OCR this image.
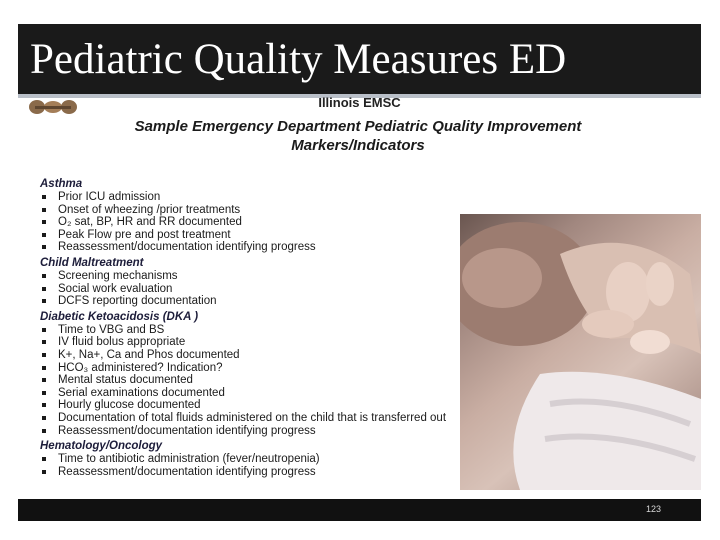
Pediatric Quality Measures ED
Illinois EMSC
Sample Emergency Department Pediatric Quality Improvement
Markers/Indicators
Asthma
Prior ICU admission
Onset of wheezing /prior treatments
O₂ sat, BP, HR and RR documented
Peak Flow pre and post treatment
Reassessment/documentation identifying progress
Child Maltreatment
Screening mechanisms
Social work evaluation
DCFS reporting documentation
Diabetic Ketoacidosis (DKA )
Time to VBG and BS
IV fluid bolus appropriate
K+, Na+, Ca and Phos documented
HCO₃ administered? Indication?
Mental status documented
Serial examinations documented
Hourly glucose documented
Documentation of total fluids administered on the child that is transferred out
Reassessment/documentation identifying progress
Hematology/Oncology
Time to antibiotic administration (fever/neutropenia)
Reassessment/documentation identifying progress
123
